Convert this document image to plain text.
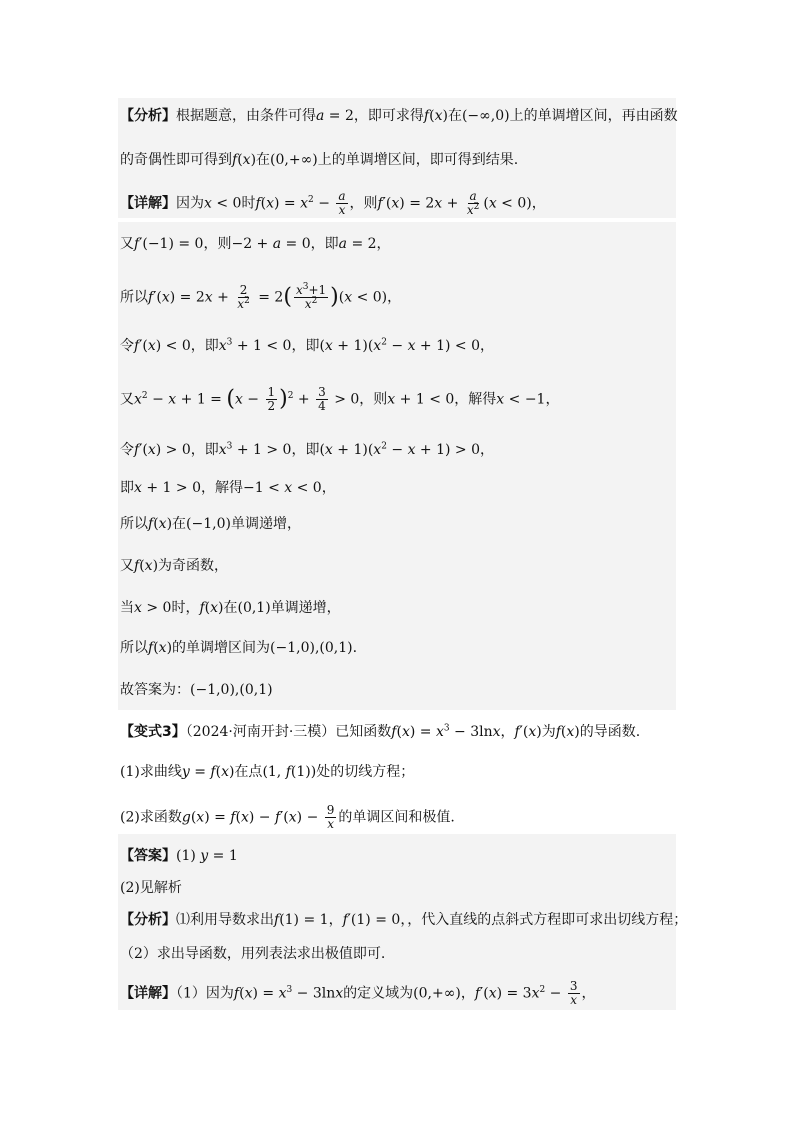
【分析】根据题意，由条件可得a = 2，即可求得f(x)在(−∞,0)上的单调增区间，再由函数
的奇偶性即可得到f(x)在(0,+∞)上的单调增区间，即可得到结果.
【详解】因为x < 0时$f(x) = x^2 - \frac{a}{x}$ ，则$f'(x) = 2x + \frac{a}{x^2} (x < 0)$，
又f′(−1) = 0，则−2 + a = 0，即a = 2，
所以$f'(x) = 2x + \frac{2}{x^2} = 2( \frac{x^3+1}{x^2} )(x < 0)$，
令f′(x) < 0，即$x^3 + 1 < 0$，即$(x + 1)(x^2 - x + 1) < 0$，
又$x^2 - x + 1 = (x - \frac{1}{2} )^2 + \frac{3}{4} > 0$，则x + 1 < 0，解得x < −1，
令f′(x) > 0，即$x^3 + 1 > 0$，即$(x + 1)(x^2 - x + 1) > 0$，
即x + 1 > 0，解得−1 < x < 0，
所以f(x)在(−1,0)单调递增，
又f(x)为奇函数，
当x > 0时，f(x)在(0,1)单调递增，
所以f(x)的单调增区间为(−1,0),(0,1).
故答案为：(−1,0),(0,1)
【变式3】（2024·河南开封·三模）已知函数$f(x) = x^3 - 3\ln x$，f′(x)为f(x)的导函数.
(1)求曲线y = f(x)在点(1, f(1))处的切线方程；
(2)求函数$g(x) = f(x) - f'(x) - \frac{9}{x}$ 的单调区间和极值.
【答案】(1) y = 1
(2)见解析
【分析】⑴利用导数求出f(1) = 1，f′(1) = 0，，代入直线的点斜式方程即可求出切线方程；
（2）求出导函数，用列表法求出极值即可.
【详解】（1）因为$f(x) = x^3 - 3\ln x$的定义域为(0,+∞)，$f'(x) = 3x^2 - \frac{3}{x}$ ，
